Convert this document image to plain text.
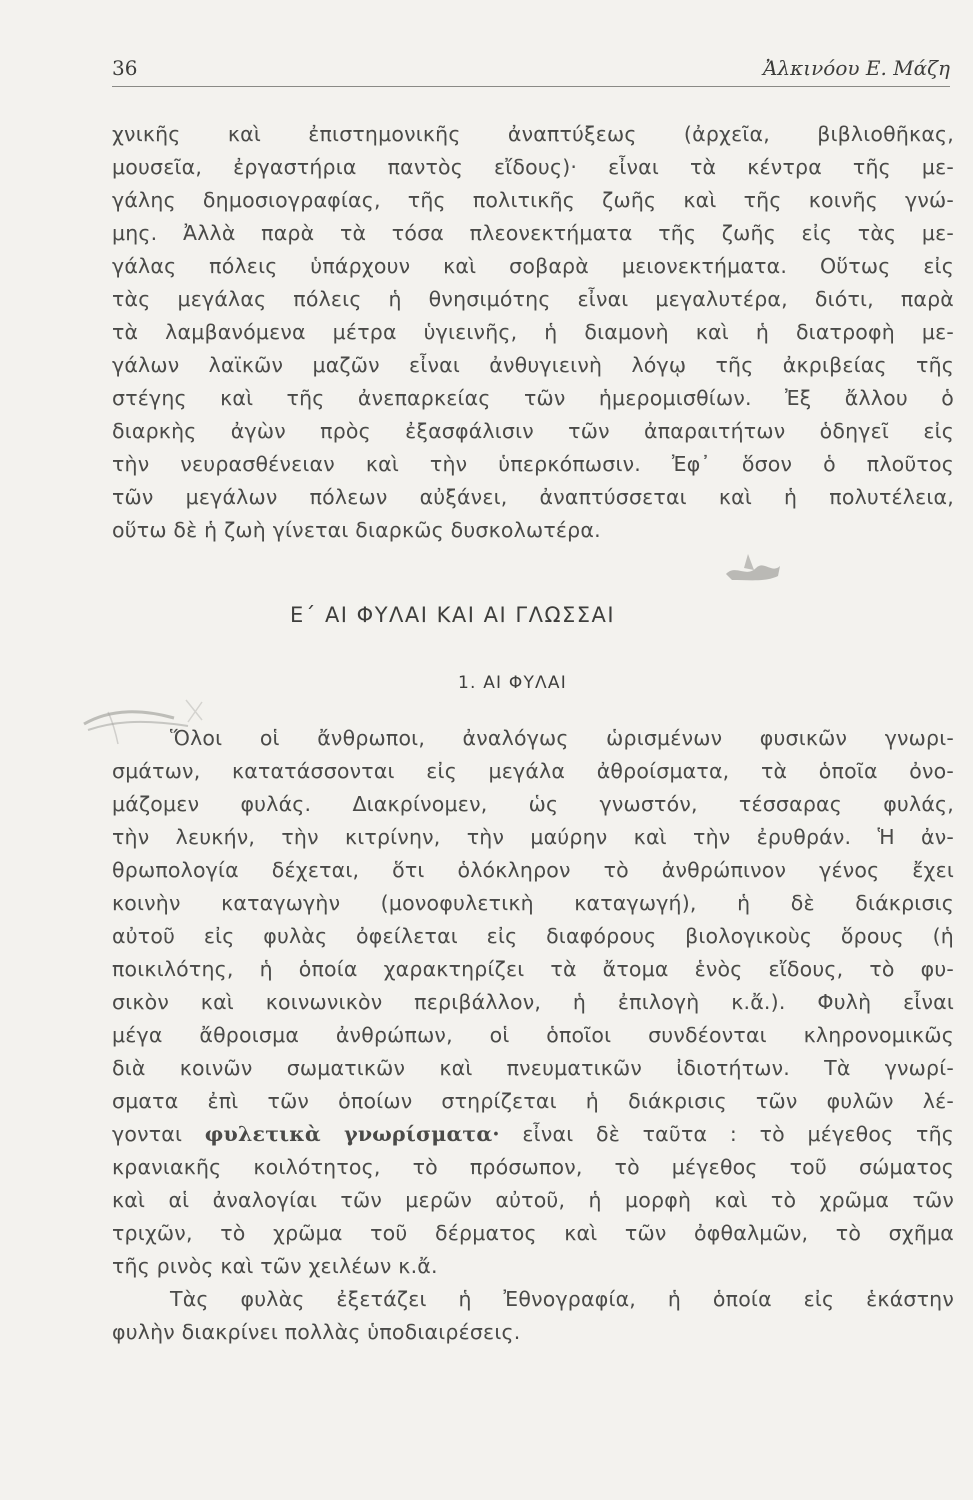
36	Ἀλκινόου Ε. Μάζη
χνικῆς καὶ ἐπιστημονικῆς ἀναπτύξεως (ἀρχεῖα, βιβλιοθῆκας,
μουσεῖα, ἐργαστήρια παντὸς εἴδους)· εἶναι τὰ κέντρα τῆς με-
γάλης δημοσιογραφίας, τῆς πολιτικῆς ζωῆς καὶ τῆς κοινῆς γνώ-
μης. Ἀλλὰ παρὰ τὰ τόσα πλεονεκτήματα τῆς ζωῆς εἰς τὰς με-
γάλας πόλεις ὑπάρχουν καὶ σοβαρὰ μειονεκτήματα. Οὕτως εἰς
τὰς μεγάλας πόλεις ἡ θνησιμότης εἶναι μεγαλυτέρα, διότι, παρὰ
τὰ λαμβανόμενα μέτρα ὑγιεινῆς, ἡ διαμονὴ καὶ ἡ διατροφὴ με-
γάλων λαϊκῶν μαζῶν εἶναι ἀνθυγιεινὴ λόγῳ τῆς ἀκριβείας τῆς
στέγης καὶ τῆς ἀνεπαρκείας τῶν ἡμερομισθίων. Ἐξ ἄλλου ὁ
διαρκὴς ἀγὼν πρὸς ἐξασφάλισιν τῶν ἀπαραιτήτων ὁδηγεῖ εἰς
τὴν νευρασθένειαν καὶ τὴν ὑπερκόπωσιν. Ἐφ᾽ ὅσον ὁ πλοῦτος
τῶν μεγάλων πόλεων αὐξάνει, ἀναπτύσσεται καὶ ἡ πολυτέλεια,
οὕτω δὲ ἡ ζωὴ γίνεται διαρκῶς δυσκολωτέρα.
Ε΄ ΑΙ ΦΥΛΑΙ ΚΑΙ ΑΙ ΓΛΩΣΣΑΙ
1. ΑΙ ΦΥΛΑΙ
Ὅλοι οἱ ἄνθρωποι, ἀναλόγως ὡρισμένων φυσικῶν γνωρι-
σμάτων, κατατάσσονται εἰς μεγάλα ἀθροίσματα, τὰ ὁποῖα ὀνο-
μάζομεν φυλάς. Διακρίνομεν, ὡς γνωστόν, τέσσαρας φυλάς,
τὴν λευκήν, τὴν κιτρίνην, τὴν μαύρην καὶ τὴν ἐρυθράν. Ἡ ἀν-
θρωπολογία δέχεται, ὅτι ὁλόκληρον τὸ ἀνθρώπινον γένος ἔχει
κοινὴν καταγωγὴν (μονοφυλετικὴ καταγωγή), ἡ δὲ διάκρισις
αὐτοῦ εἰς φυλὰς ὀφείλεται εἰς διαφόρους βιολογικοὺς ὅρους (ἡ
ποικιλότης, ἡ ὁποία χαρακτηρίζει τὰ ἄτομα ἑνὸς εἴδους, τὸ φυ-
σικὸν καὶ κοινωνικὸν περιβάλλον, ἡ ἐπιλογὴ κ.ἄ.). Φυλὴ εἶναι
μέγα ἄθροισμα ἀνθρώπων, οἱ ὁποῖοι συνδέονται κληρονομικῶς
διὰ κοινῶν σωματικῶν καὶ πνευματικῶν ἰδιοτήτων. Τὰ γνωρί-
σματα ἐπὶ τῶν ὁποίων στηρίζεται ἡ διάκρισις τῶν φυλῶν λέ-
γονται φυλετικὰ γνωρίσματα· εἶναι δὲ ταῦτα : τὸ μέγεθος τῆς
κρανιακῆς κοιλότητος, τὸ πρόσωπον, τὸ μέγεθος τοῦ σώματος
καὶ αἱ ἀναλογίαι τῶν μερῶν αὐτοῦ, ἡ μορφὴ καὶ τὸ χρῶμα τῶν
τριχῶν, τὸ χρῶμα τοῦ δέρματος καὶ τῶν ὀφθαλμῶν, τὸ σχῆμα
τῆς ρινὸς καὶ τῶν χειλέων κ.ἄ.
Τὰς φυλὰς ἐξετάζει ἡ Ἐθνογραφία, ἡ ὁποία εἰς ἑκάστην
φυλὴν διακρίνει πολλὰς ὑποδιαιρέσεις.
